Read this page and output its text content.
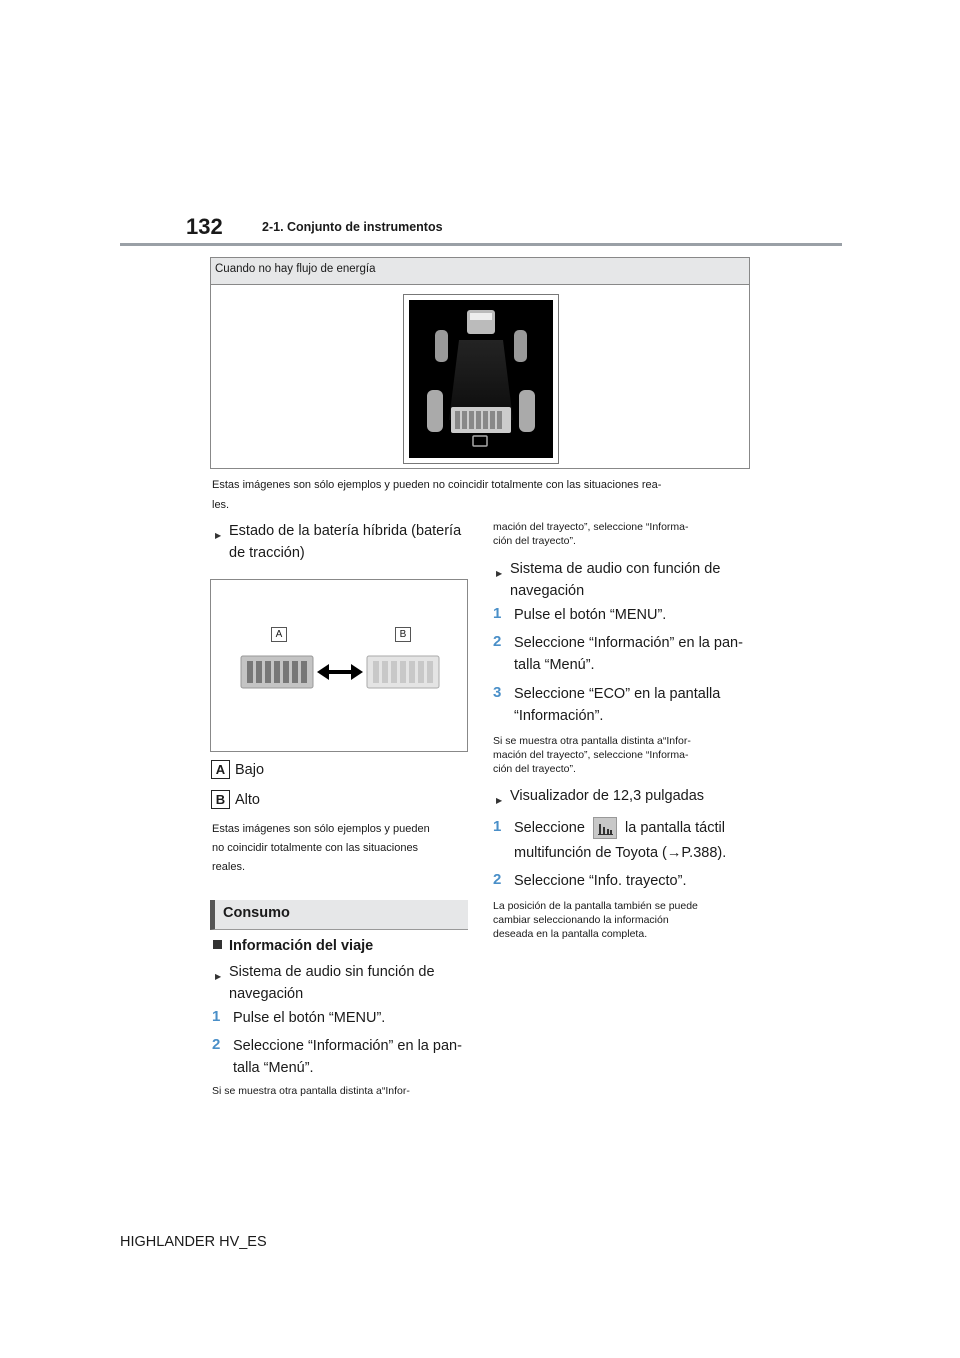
132	2-1. Conjunto de instrumentos
Cuando no hay flujo de energía
Estas imágenes son sólo ejemplos y pueden no coincidir totalmente con las situaciones rea-
les.
▶ Estado de la batería híbrida (batería
de tracción)
A	B
A Bajo
B Alto
Estas imágenes son sólo ejemplos y pueden
no coincidir totalmente con las situaciones
reales.
Consumo
Información del viaje
▶ Sistema de audio sin función de
navegación
1 Pulse el botón “MENU”.
2 Seleccione “Información” en la pan-
talla “Menú”.
Si se muestra otra pantalla distinta a“Infor-
mación del trayecto”, seleccione “Informa-
ción del trayecto”.
▶ Sistema de audio con función de
navegación
1 Pulse el botón “MENU”.
2 Seleccione “Información” en la pan-
talla “Menú”.
3 Seleccione “ECO” en la pantalla
“Información”.
Si se muestra otra pantalla distinta a“Infor-
mación del trayecto”, seleccione “Informa-
ción del trayecto”.
▶ Visualizador de 12,3 pulgadas
1 Seleccione	la pantalla táctil
multifunción de Toyota (→P.388).
2 Seleccione “Info. trayecto”.
La posición de la pantalla también se puede
cambiar seleccionando la información
deseada en la pantalla completa.
HIGHLANDER HV_ES
